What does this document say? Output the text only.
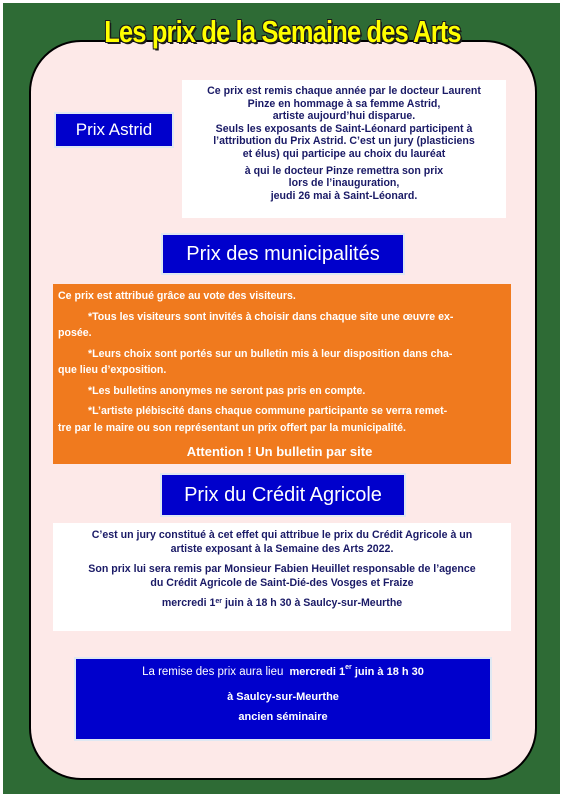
Les prix de la Semaine des Arts
Prix Astrid

Ce prix est remis chaque année par le docteur Laurent

Pinze en hommage à sa femme Astrid,

artiste aujourd’hui disparue.

Seuls les exposants de Saint-Léonard participent à

l’attribution du Prix Astrid. C’est un jury (plasticiens

et élus) qui participe au choix du lauréat

à qui le docteur Pinze remettra son prix

lors de l’inauguration,

jeudi 26 mai à Saint-Léonard.

Prix des municipalités

Ce prix est attribué grâce au vote des visiteurs.

*Tous les visiteurs sont invités à choisir dans chaque site une œuvre ex-

posée.

*Leurs choix sont portés sur un bulletin mis à leur disposition dans cha-

que lieu d’exposition.

*Les bulletins anonymes ne seront pas pris en compte.

*L’artiste plébiscité dans chaque commune participante se verra remet-

tre par le maire ou son représentant un prix offert par la municipalité.

Attention ! Un bulletin par site

Prix du Crédit Agricole

C’est un jury constitué à cet effet qui attribue le prix du Crédit Agricole à un

artiste exposant à la Semaine des Arts 2022.

Son prix lui sera remis par Monsieur Fabien Heuillet responsable de l’agence

du Crédit Agricole de Saint-Dié-des Vosges et Fraize

mercredi 1er juin à 18 h 30 à Saulcy-sur-Meurthe

La remise des prix aura lieu mercredi 1er juin à 18 h 30

à Saulcy-sur-Meurthe

ancien séminaire
